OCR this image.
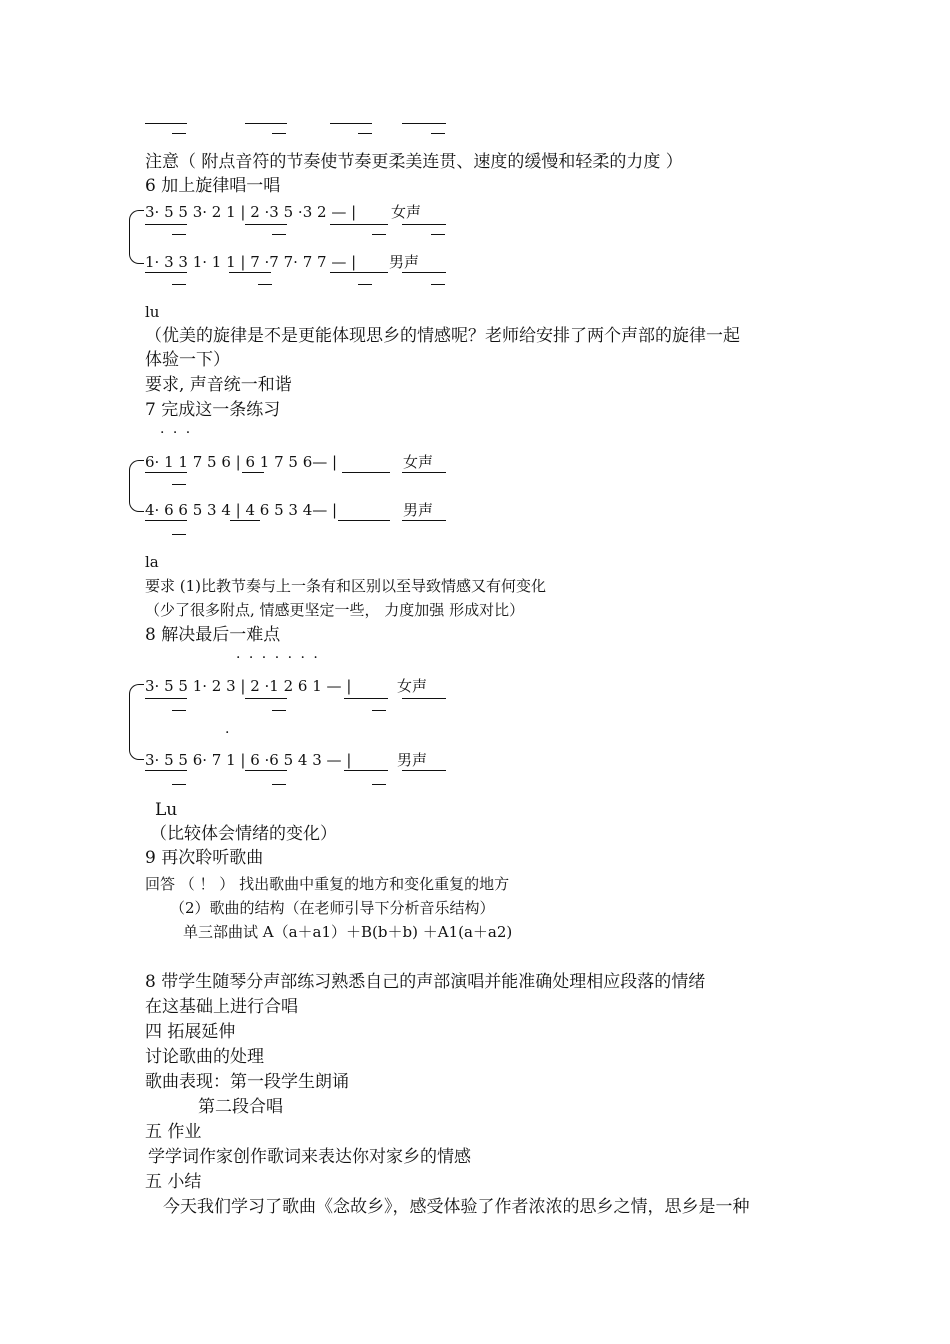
注意（ 附点音符的节奏使节奏更柔美连贯、速度的缓慢和轻柔的力度 ）
6 加上旋律唱一唱
3· 5 5 3· 2 1 | 2 ·3 5 ·3 2 — | 女声
1· 3 3 1· 1 1 | 7 ·7 7· 7 7 — | 男声
lu
（优美的旋律是不是更能体现思乡的情感呢？老师给安排了两个声部的旋律一起
体验一下）
要求, 声音统一和谐
7 完成这一条练习
· · ·
6· 1 1 7 5 6 | 6 1 7 5 6— |	女声
4· 6 6 5 3 4 | 4 6 5 3 4— |	男声
la
要求 (1)比教节奏与上一条有和区别以至导致情感又有何变化
（少了很多附点, 情感更坚定一些， 力度加强 形成对比）
8 解决最后一难点
· · · · · · ·
3· 5 5 1· 2 3 | 2 ·1 2 6 1 — |	女声
·
3· 5 5 6· 7 1 | 6 ·6 5 4 3 — |	男声
Lu
（比较体会情绪的变化）
9 再次聆听歌曲
回答 （ ！ ） 找出歌曲中重复的地方和变化重复的地方
（2）歌曲的结构（在老师引导下分析音乐结构）
单三部曲试 A（a＋a1）＋B(b＋b) ＋A1(a＋a2)
8 带学生随琴分声部练习熟悉自己的声部演唱并能准确处理相应段落的情绪
在这基础上进行合唱
四 拓展延伸
讨论歌曲的处理
歌曲表现：第一段学生朗诵
第二段合唱
五 作业
学学词作家创作歌词来表达你对家乡的情感
五 小结
今天我们学习了歌曲《念故乡》，感受体验了作者浓浓的思乡之情，思乡是一种
